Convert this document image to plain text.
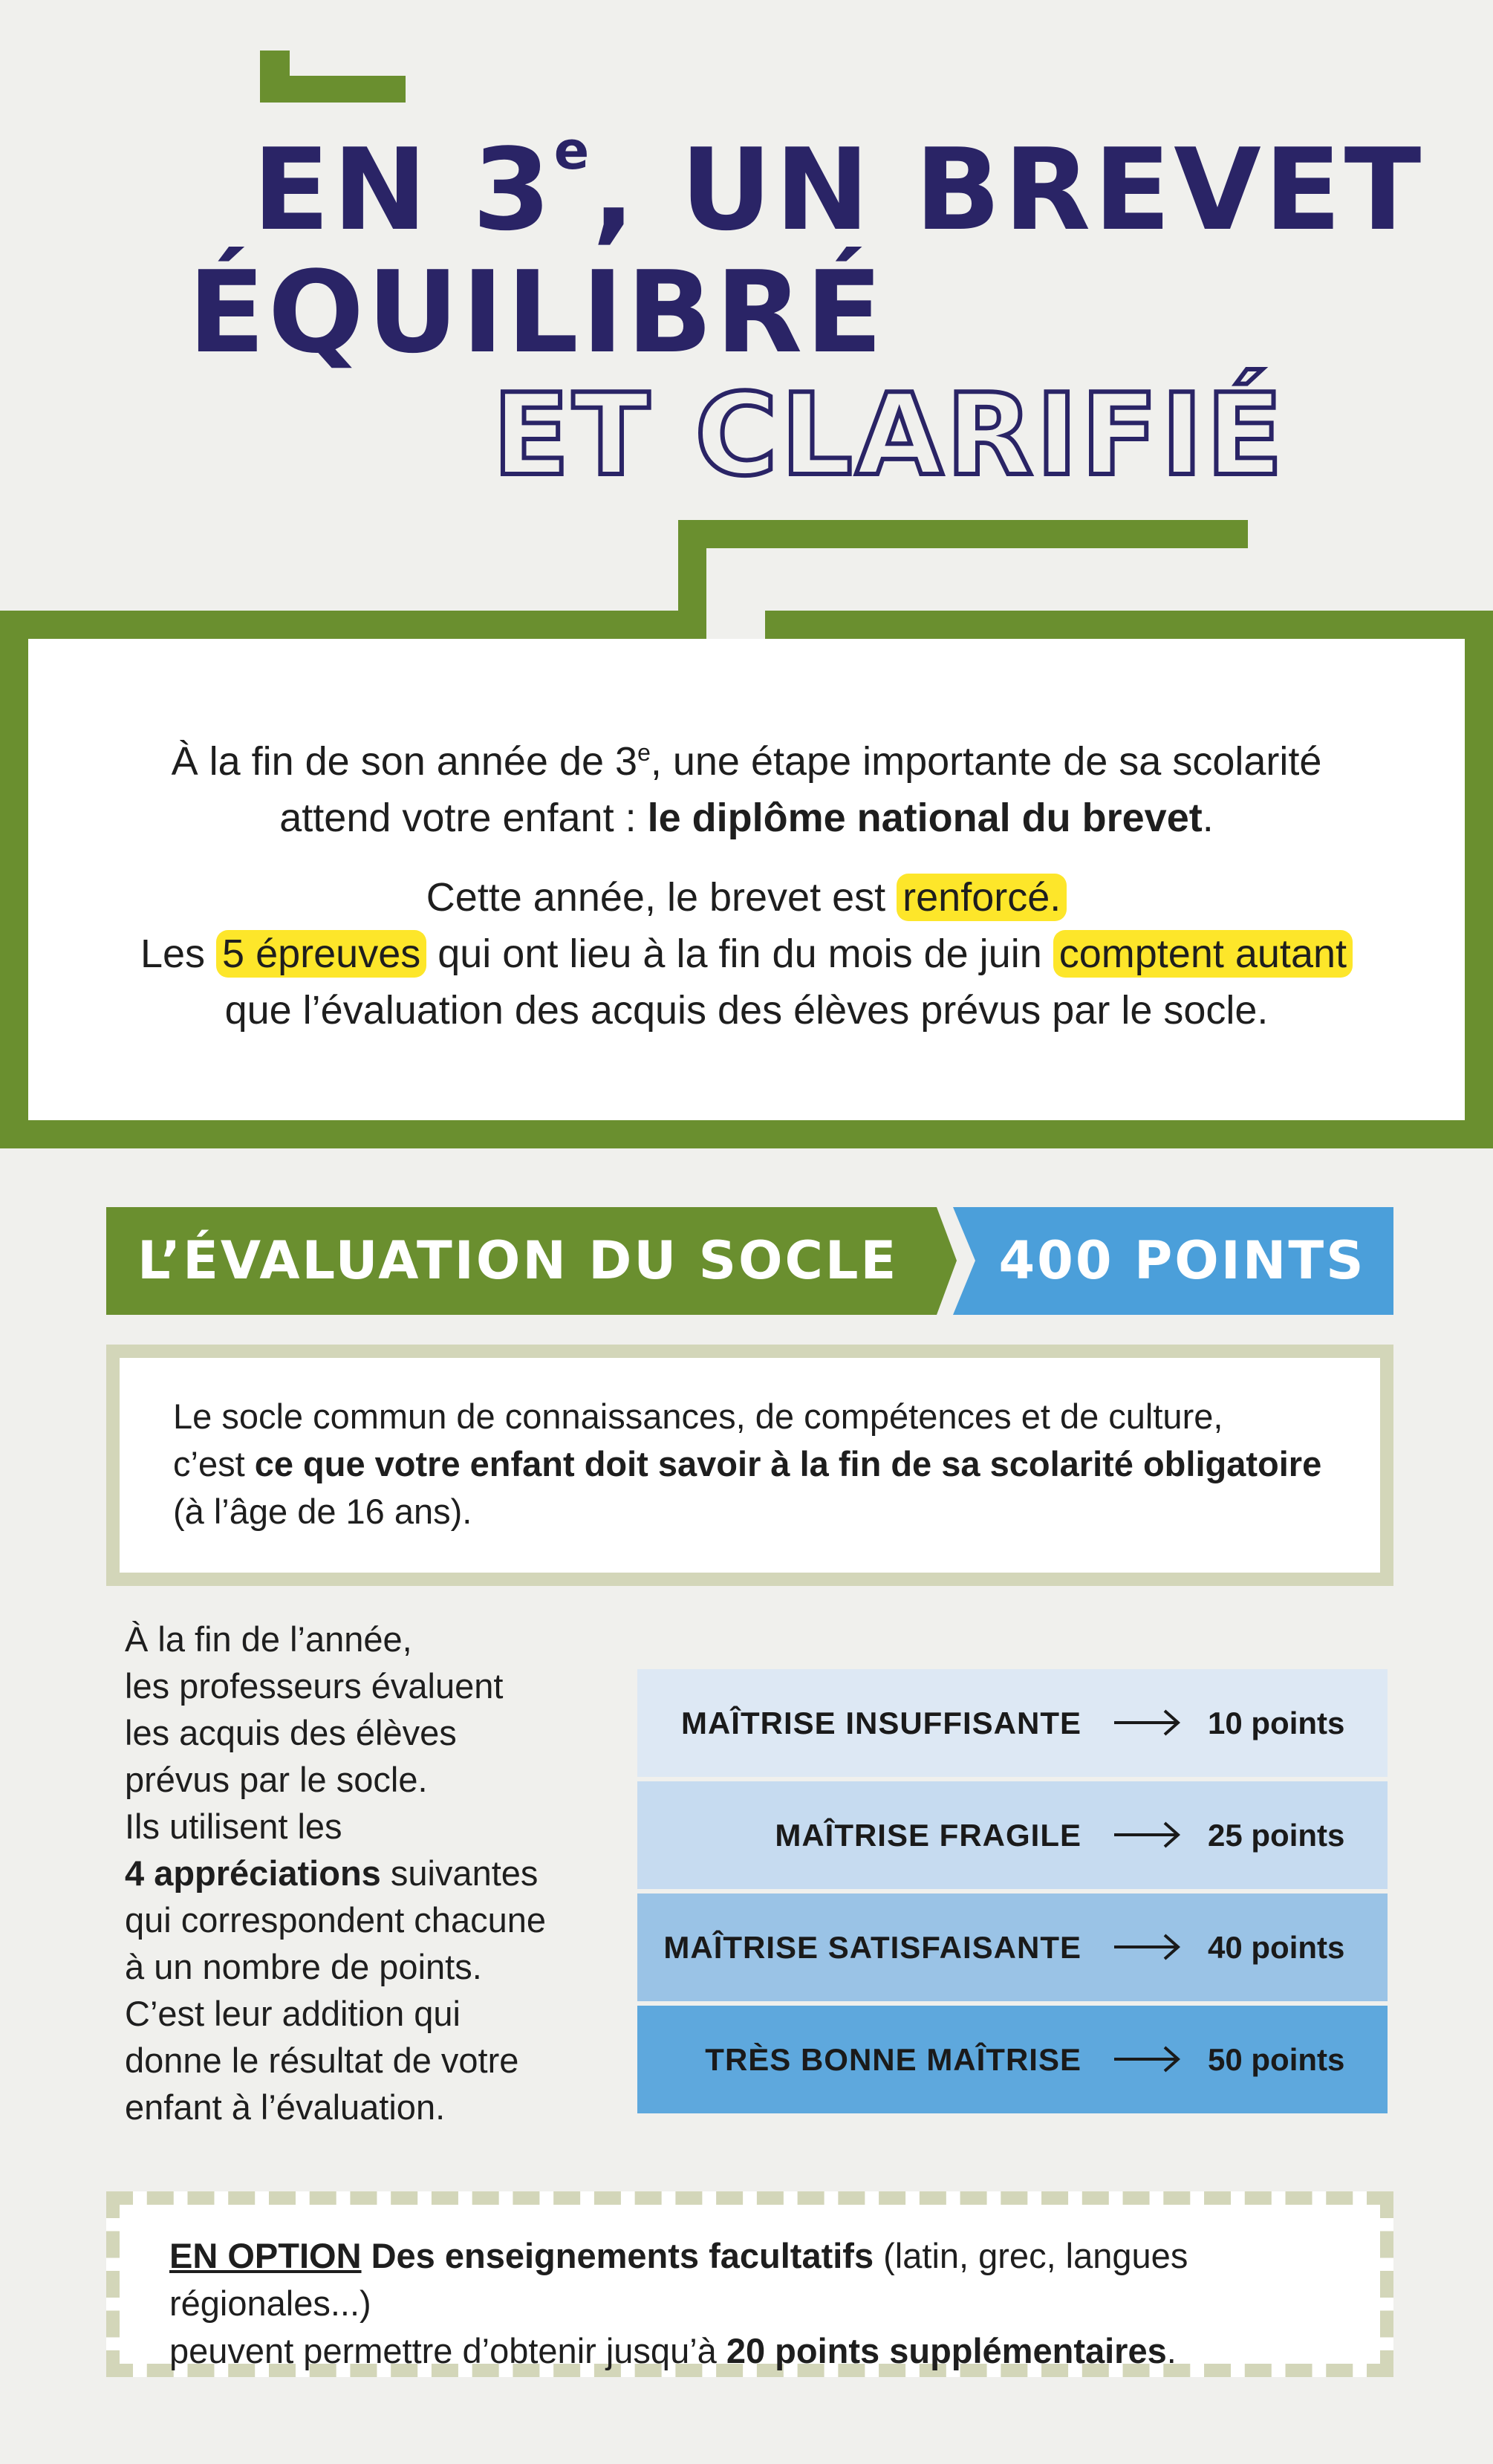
EN 3e, UN BREVET
ÉQUILIBRÉ
ET CLARIFIÉ

À la fin de son année de 3e, une étape importante de sa scolarité
attend votre enfant : le diplôme national du brevet.

Cette année, le brevet est renforcé.
Les 5 épreuves qui ont lieu à la fin du mois de juin comptent autant
que l’évaluation des acquis des élèves prévus par le socle.

L’ÉVALUATION DU SOCLE	400 POINTS

Le socle commun de connaissances, de compétences et de culture,
c’est ce que votre enfant doit savoir à la fin de sa scolarité obligatoire
(à l’âge de 16 ans).

À la fin de l’année,
les professeurs évaluent
les acquis des élèves
prévus par le socle.
Ils utilisent les
4 appréciations suivantes
qui correspondent chacune
à un nombre de points.
C’est leur addition qui
donne le résultat de votre
enfant à l’évaluation.

MAÎTRISE INSUFFISANTE	10 points
MAÎTRISE FRAGILE	25 points
MAÎTRISE SATISFAISANTE	40 points
TRÈS BONNE MAÎTRISE	50 points

EN OPTION Des enseignements facultatifs (latin, grec, langues régionales...)
peuvent permettre d’obtenir jusqu’à 20 points supplémentaires.
